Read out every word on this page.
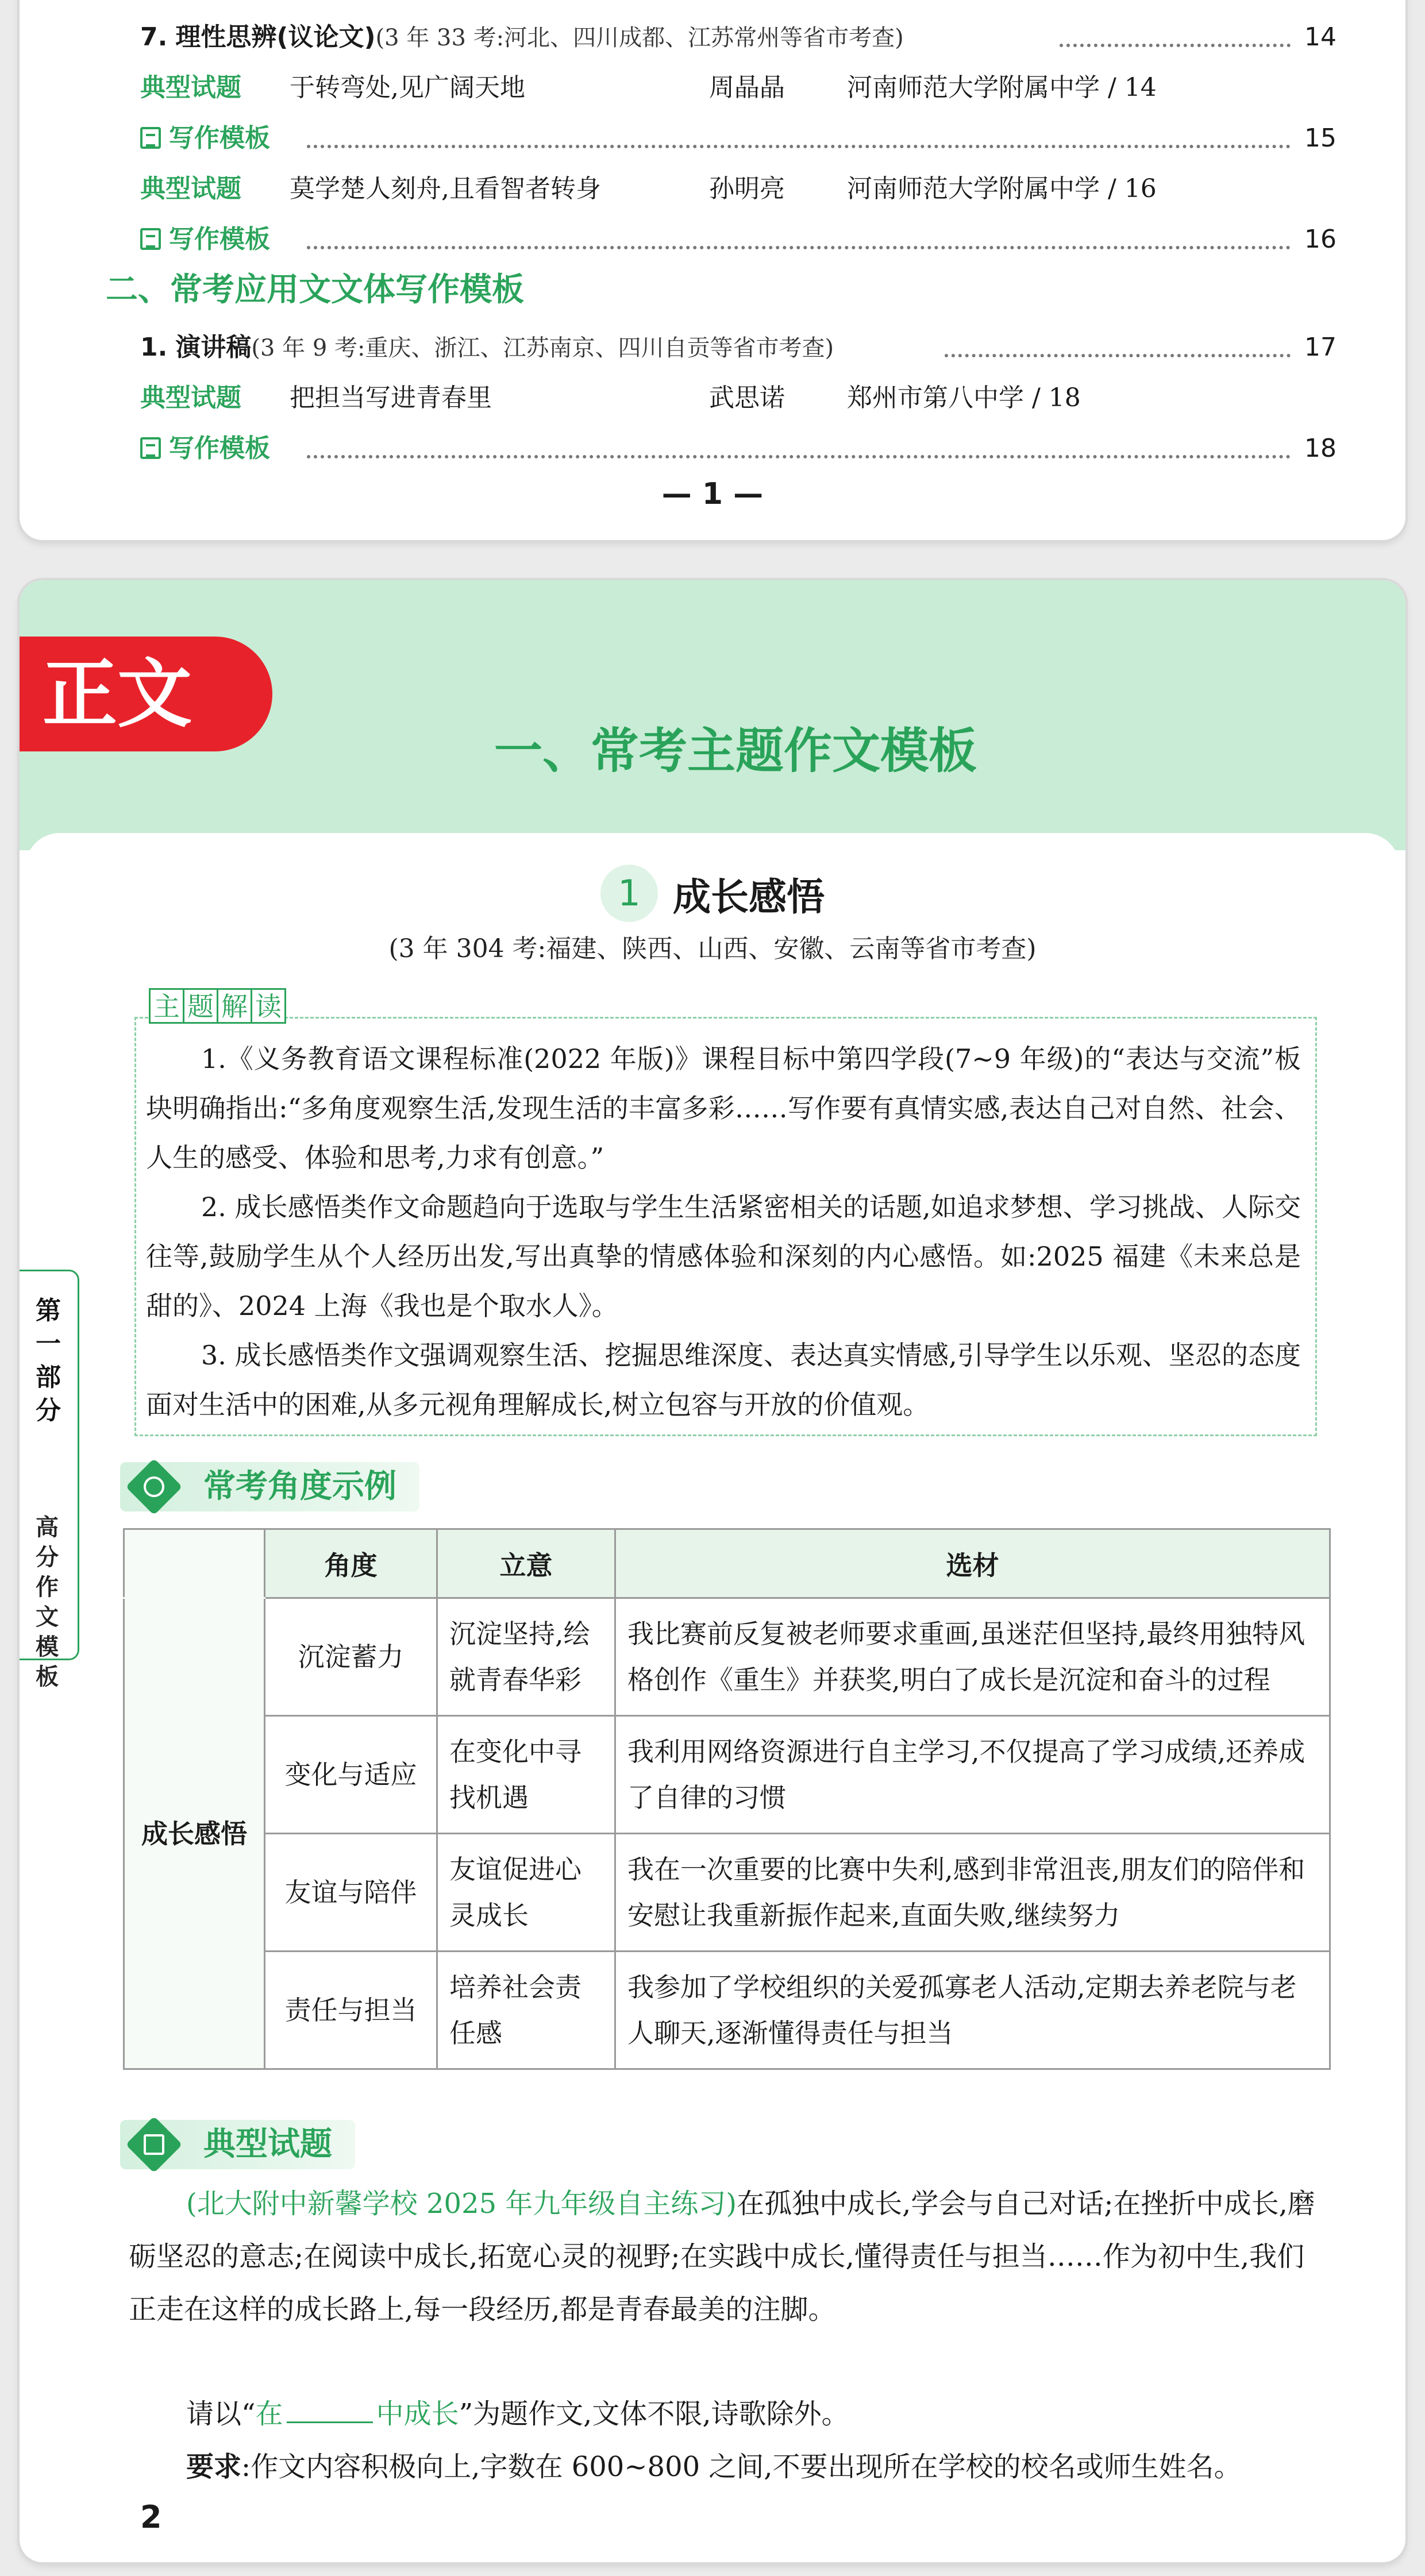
7. 理性思辨(议论文)(3 年 33 考:河北、四川成都、江苏常州等省市考查)	14
典型试题 于转弯处,见广阔天地	周晶晶 河南师范大学附属中学 / 14
写作模板	15
典型试题 莫学楚人刻舟,且看智者转身	孙明亮 河南师范大学附属中学 / 16
写作模板	16
二、常考应用文文体写作模板
1. 演讲稿(3 年 9 考:重庆、浙江、江苏南京、四川自贡等省市考查)	17
典型试题 把担当写进青春里	武思诺 郑州市第八中学 / 18
写作模板	18
— 1 —
正文
一、常考主题作文模板
1 成长感悟
(3 年 304 考:福建、陕西、山西、安徽、云南等省市考查)
主 题 解 读

1.《义务教育语文课程标准(2022 年版)》课程目标中第四学段(7~9 年级)的“表达与交流”板块明确指出:“多角度观察生活,发现生活的丰富多彩……写作要有真情实感,表达自己对自然、社会、人生的感受、体验和思考,力求有创意。”

2. 成长感悟类作文命题趋向于选取与学生生活紧密相关的话题,如追求梦想、学习挑战、人际交往等,鼓励学生从个人经历出发,写出真挚的情感体验和深刻的内心感悟。如:2025 福建《未来总是甜的》、2024 上海《我也是个取水人》。

3. 成长感悟类作文强调观察生活、挖掘思维深度、表达真实情感,引导学生以乐观、坚忍的态度面对生活中的困难,从多元视角理解成长,树立包容与开放的价值观。

第一部分
高分作文模板
常考角度示例
	角度	立意	选材
成长感悟	沉淀蓄力	沉淀坚持,绘
就青春华彩	我比赛前反复被老师要求重画,虽迷茫但坚持,最终用独特风格创作《重生》并获奖,明白了成长是沉淀和奋斗的过程
	变化与适应	在变化中寻
找机遇	我利用网络资源进行自主学习,不仅提高了学习成绩,还养成了自律的习惯
	友谊与陪伴	友谊促进心
灵成长	我在一次重要的比赛中失利,感到非常沮丧,朋友们的陪伴和安慰让我重新振作起来,直面失败,继续努力
	责任与担当	培养社会责
任感	我参加了学校组织的关爱孤寡老人活动,定期去养老院与老人聊天,逐渐懂得责任与担当
典型试题

(北大附中新馨学校 2025 年九年级自主练习)在孤独中成长,学会与自己对话;在挫折中成长,磨砺坚忍的意志;在阅读中成长,拓宽心灵的视野;在实践中成长,懂得责任与担当……作为初中生,我们正走在这样的成长路上,每一段经历,都是青春最美的注脚。

请以“在	中成长”为题作文,文体不限,诗歌除外。

要求:作文内容积极向上,字数在 600~800 之间,不要出现所在学校的校名或师生姓名。

2
